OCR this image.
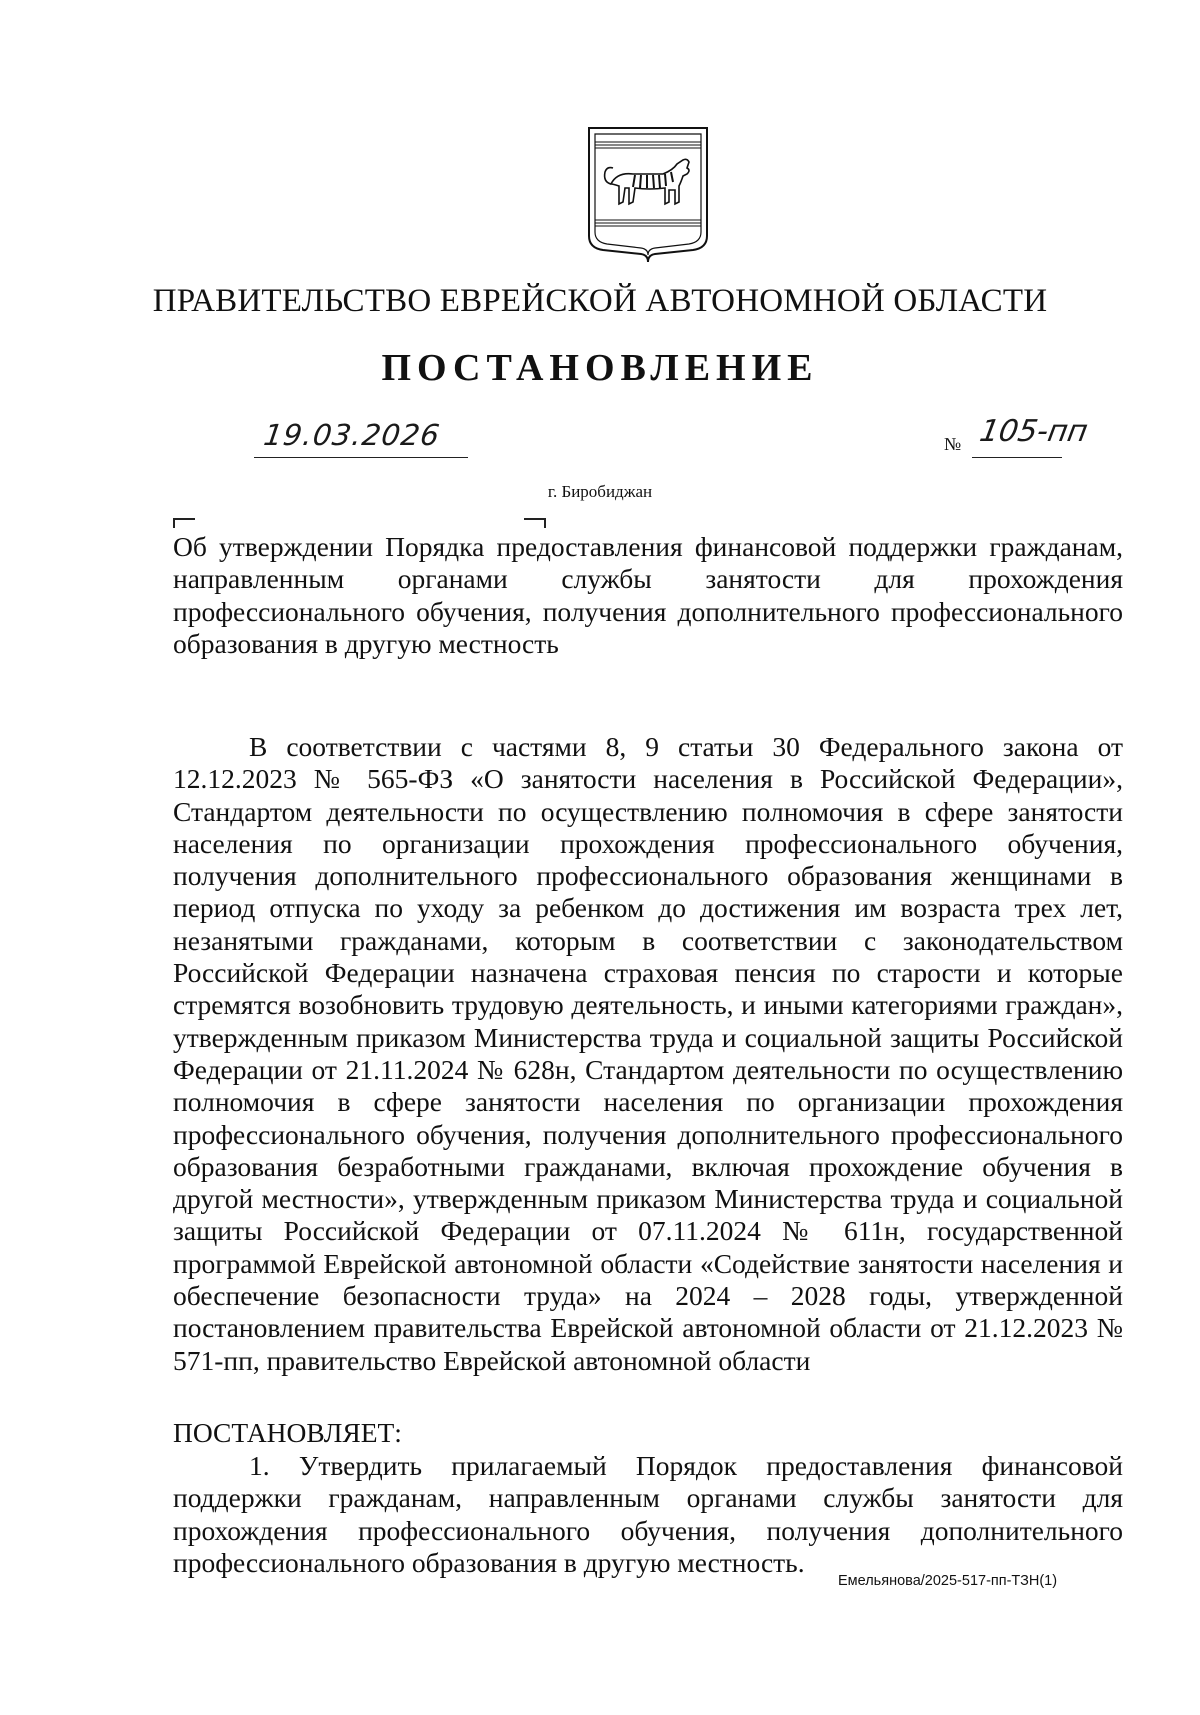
ПРАВИТЕЛЬСТВО ЕВРЕЙСКОЙ АВТОНОМНОЙ ОБЛАСТИ
ПОСТАНОВЛЕНИЕ
19.03.2026	№ 105-пп
г. Биробиджан
Об утверждении Порядка предоставления финансовой поддержки гражданам, направленным органами службы занятости для прохождения профессионального обучения, получения дополнительного профессионального образования в другую местность
В соответствии с частями 8, 9 статьи 30 Федерального закона от 12.12.2023 № 565-ФЗ «О занятости населения в Российской Федерации», Стандартом деятельности по осуществлению полномочия в сфере занятости населения по организации прохождения профессионального обучения, получения дополнительного профессионального образования женщинами в период отпуска по уходу за ребенком до достижения им возраста трех лет, незанятыми гражданами, которым в соответствии с законодательством Российской Федерации назначена страховая пенсия по старости и которые стремятся возобновить трудовую деятельность, и иными категориями граждан», утвержденным приказом Министерства труда и социальной защиты Российской Федерации от 21.11.2024 № 628н, Стандартом деятельности по осуществлению полномочия в сфере занятости населения по организации прохождения профессионального обучения, получения дополнительного профессионального образования безработными гражданами, включая прохождение обучения в другой местности», утвержденным приказом Министерства труда и социальной защиты Российской Федерации от 07.11.2024 № 611н, государственной программой Еврейской автономной области «Содействие занятости населения и обеспечение безопасности труда» на 2024 – 2028 годы, утвержденной постановлением правительства Еврейской автономной области от 21.12.2023 № 571-пп, правительство Еврейской автономной области
ПОСТАНОВЛЯЕТ:
1. Утвердить прилагаемый Порядок предоставления финансовой поддержки гражданам, направленным органами службы занятости для прохождения профессионального обучения, получения дополнительного профессионального образования в другую местность.
Емельянова/2025-517-пп-ТЗН(1)
